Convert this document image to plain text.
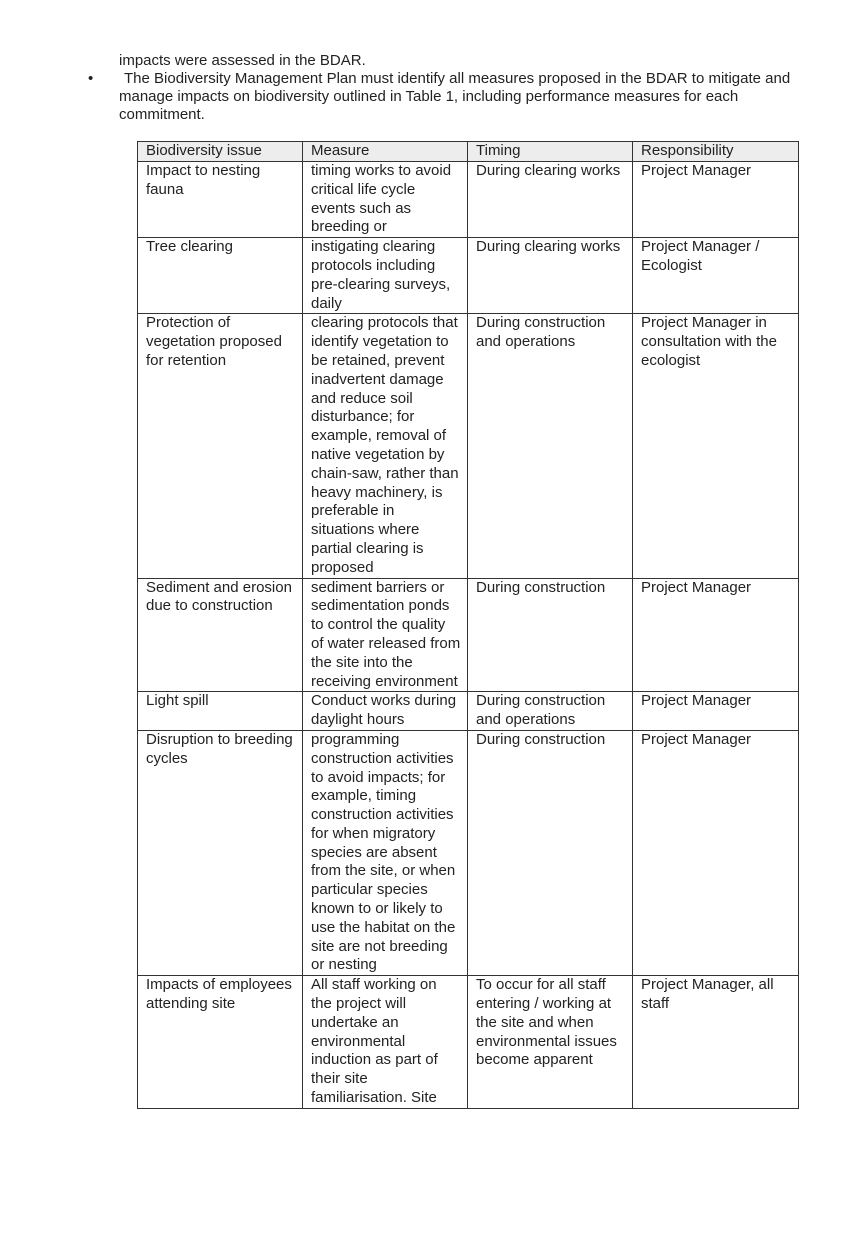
impacts were assessed in the BDAR.
•	The Biodiversity Management Plan must identify all measures proposed in the BDAR to mitigate and manage impacts on biodiversity outlined in Table 1, including performance measures for each commitment.
Biodiversity issue	Measure	Timing	Responsibility
Impact to nesting fauna	timing works to avoid critical life cycle events such as breeding or	During clearing works	Project Manager
Tree clearing	instigating clearing protocols including pre-clearing surveys, daily	During clearing works	Project Manager / Ecologist
Protection of vegetation proposed for retention	clearing protocols that identify vegetation to be retained, prevent inadvertent damage and reduce soil disturbance; for example, removal of native vegetation by chain-saw, rather than heavy machinery, is preferable in situations where partial clearing is proposed	During construction and operations	Project Manager in consultation with the ecologist
Sediment and erosion due to construction	sediment barriers or sedimentation ponds to control the quality of water released from the site into the receiving environment	During construction	Project Manager
Light spill	Conduct works during daylight hours	During construction and operations	Project Manager
Disruption to breeding cycles	programming construction activities to avoid impacts; for example, timing construction activities for when migratory species are absent from the site, or when particular species known to or likely to use the habitat on the site are not breeding or nesting	During construction	Project Manager
Impacts of employees attending site	All staff working on the project will undertake an environmental induction as part of their site familiarisation. Site	To occur for all staff entering / working at the site and when environmental issues become apparent	Project Manager, all staff
